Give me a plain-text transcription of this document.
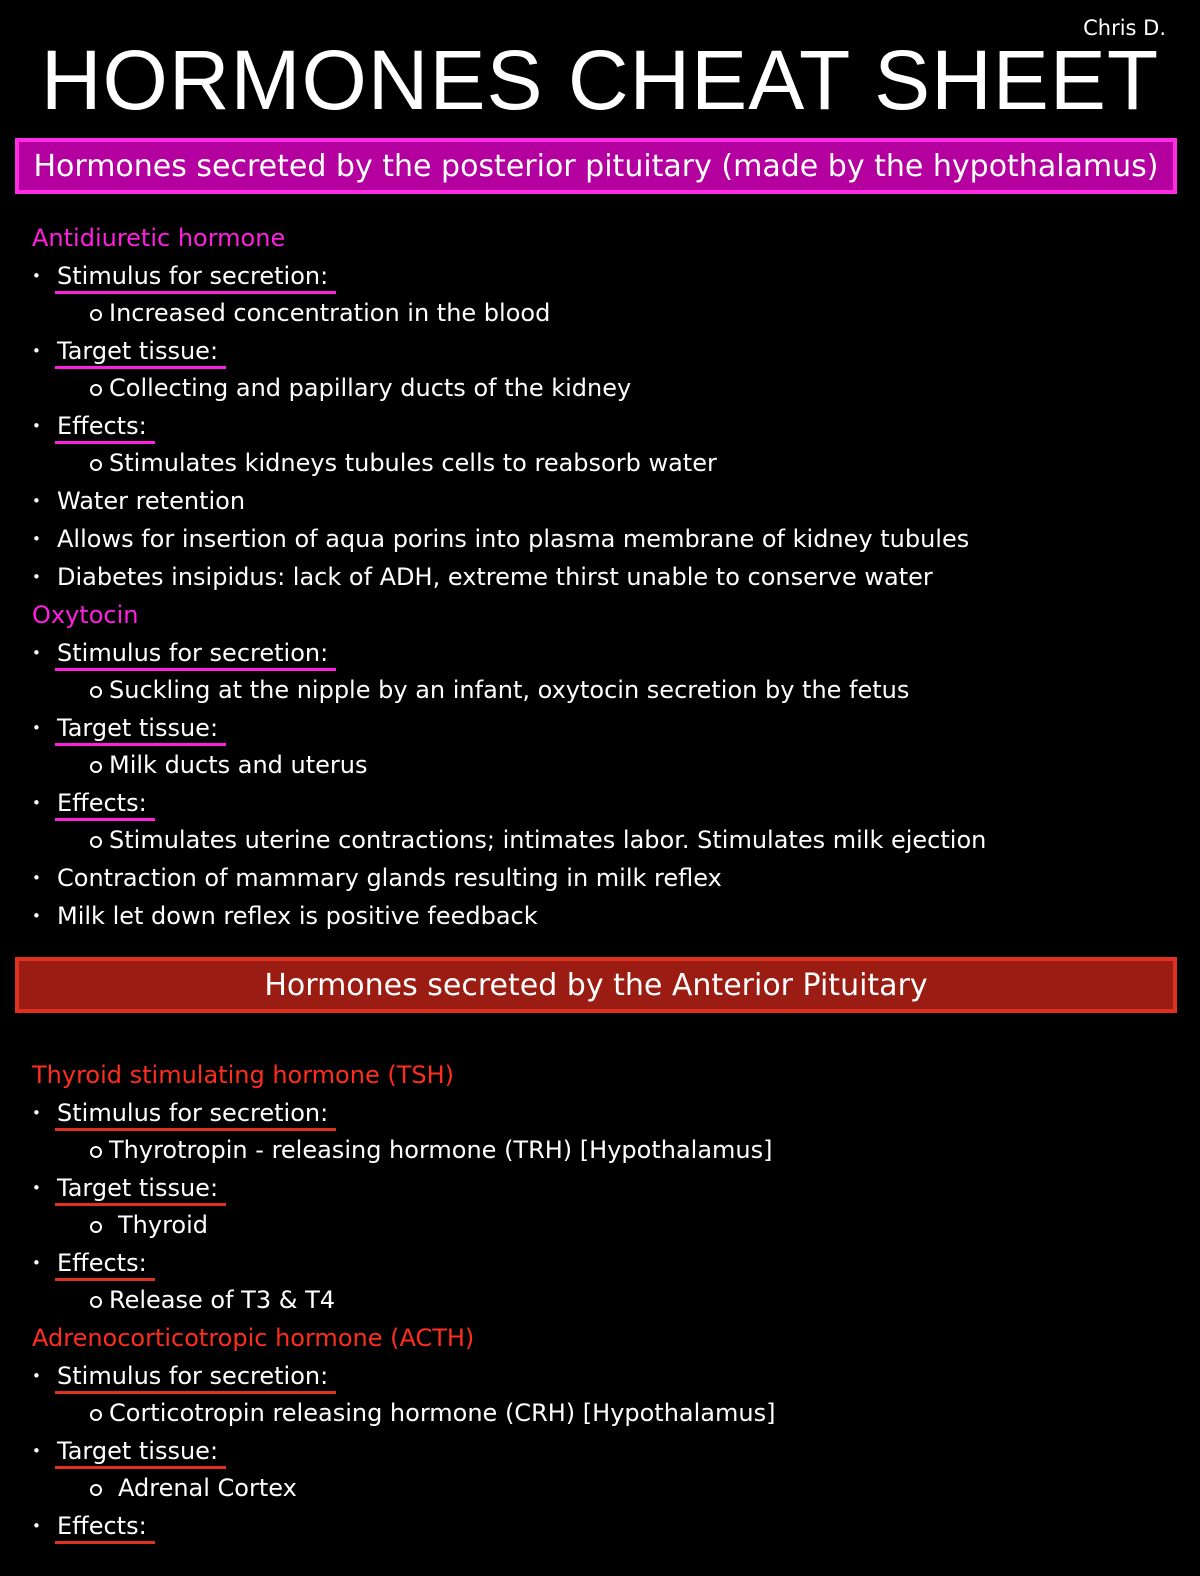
Chris D.
HORMONES CHEAT SHEET
Hormones secreted by the posterior pituitary (made by the hypothalamus)
Antidiuretic hormone
• Stimulus for secretion:
Increased concentration in the blood
• Target tissue:
Collecting and papillary ducts of the kidney
• Effects:
Stimulates kidneys tubules cells to reabsorb water
• Water retention
• Allows for insertion of aqua porins into plasma membrane of kidney tubules
• Diabetes insipidus: lack of ADH, extreme thirst unable to conserve water
Oxytocin
• Stimulus for secretion:
Suckling at the nipple by an infant, oxytocin secretion by the fetus
• Target tissue:
Milk ducts and uterus
• Effects:
Stimulates uterine contractions; intimates labor. Stimulates milk ejection
• Contraction of mammary glands resulting in milk reflex
• Milk let down reflex is positive feedback
Hormones secreted by the Anterior Pituitary
Thyroid stimulating hormone (TSH)
• Stimulus for secretion:
Thyrotropin - releasing hormone (TRH) [Hypothalamus]
• Target tissue:
Thyroid
• Effects:
Release of T3 & T4
Adrenocorticotropic hormone (ACTH)
• Stimulus for secretion:
Corticotropin releasing hormone (CRH) [Hypothalamus]
• Target tissue:
Adrenal Cortex
• Effects:
